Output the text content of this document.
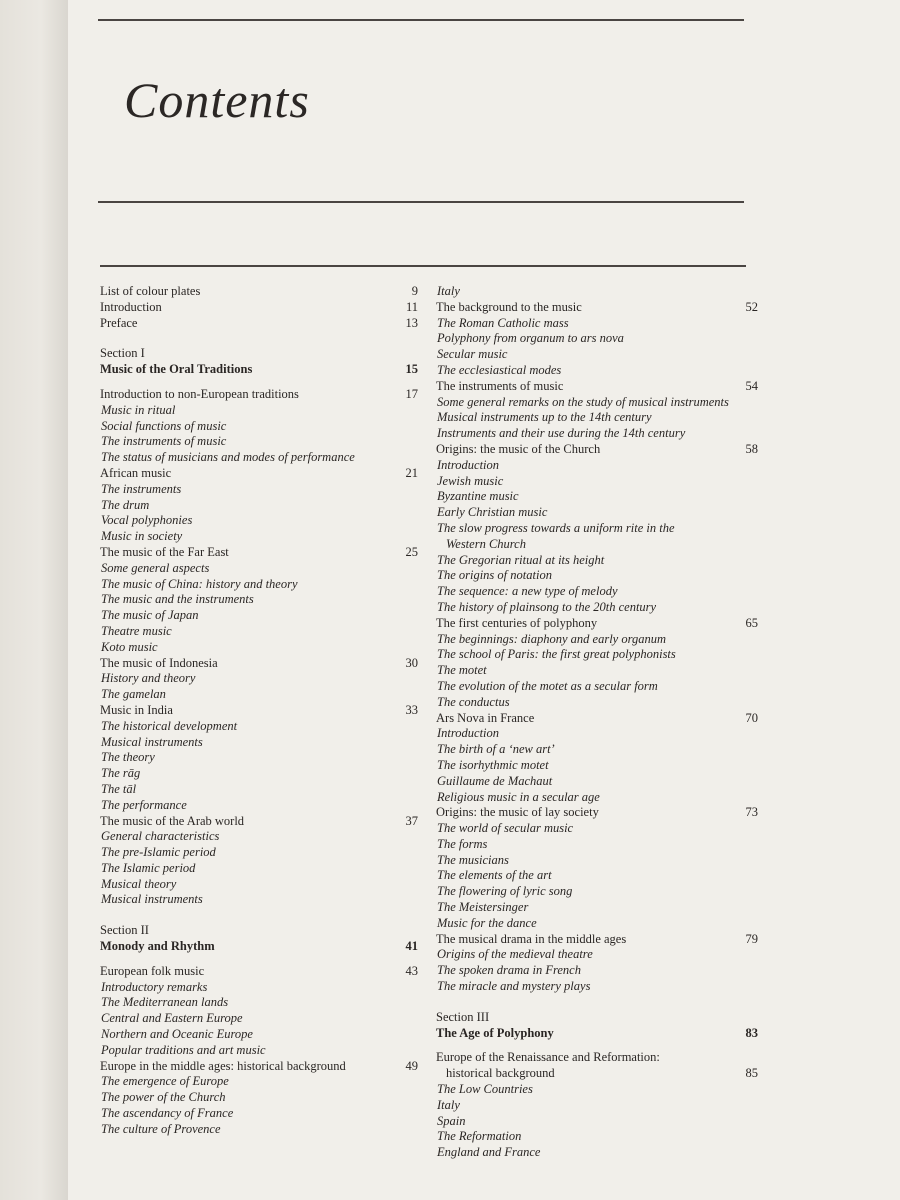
Contents
List of colour plates	9
Introduction	11
Preface	13
Section I
Music of the Oral Traditions	15
Introduction to non-European traditions	17
Music in ritual
Social functions of music
The instruments of music
The status of musicians and modes of performance
African music	21
The instruments
The drum
Vocal polyphonies
Music in society
The music of the Far East	25
Some general aspects
The music of China: history and theory
The music and the instruments
The music of Japan
Theatre music
Koto music
The music of Indonesia	30
History and theory
The gamelan
Music in India	33
The historical development
Musical instruments
The theory
The rāg
The tāl
The performance
The music of the Arab world	37
General characteristics
The pre-Islamic period
The Islamic period
Musical theory
Musical instruments
Section II
Monody and Rhythm	41
European folk music	43
Introductory remarks
The Mediterranean lands
Central and Eastern Europe
Northern and Oceanic Europe
Popular traditions and art music
Europe in the middle ages: historical background	49
The emergence of Europe
The power of the Church
The ascendancy of France
The culture of Provence
Italy
The background to the music	52
The Roman Catholic mass
Polyphony from organum to ars nova
Secular music
The ecclesiastical modes
The instruments of music	54
Some general remarks on the study of musical instruments
Musical instruments up to the 14th century
Instruments and their use during the 14th century
Origins: the music of the Church	58
Introduction
Jewish music
Byzantine music
Early Christian music
The slow progress towards a uniform rite in the
Western Church
The Gregorian ritual at its height
The origins of notation
The sequence: a new type of melody
The history of plainsong to the 20th century
The first centuries of polyphony	65
The beginnings: diaphony and early organum
The school of Paris: the first great polyphonists
The motet
The evolution of the motet as a secular form
The conductus
Ars Nova in France	70
Introduction
The birth of a ‘new art’
The isorhythmic motet
Guillaume de Machaut
Religious music in a secular age
Origins: the music of lay society	73
The world of secular music
The forms
The musicians
The elements of the art
The flowering of lyric song
The Meistersinger
Music for the dance
The musical drama in the middle ages	79
Origins of the medieval theatre
The spoken drama in French
The miracle and mystery plays
Section III
The Age of Polyphony	83
Europe of the Renaissance and Reformation:
historical background	85
The Low Countries
Italy
Spain
The Reformation
England and France
